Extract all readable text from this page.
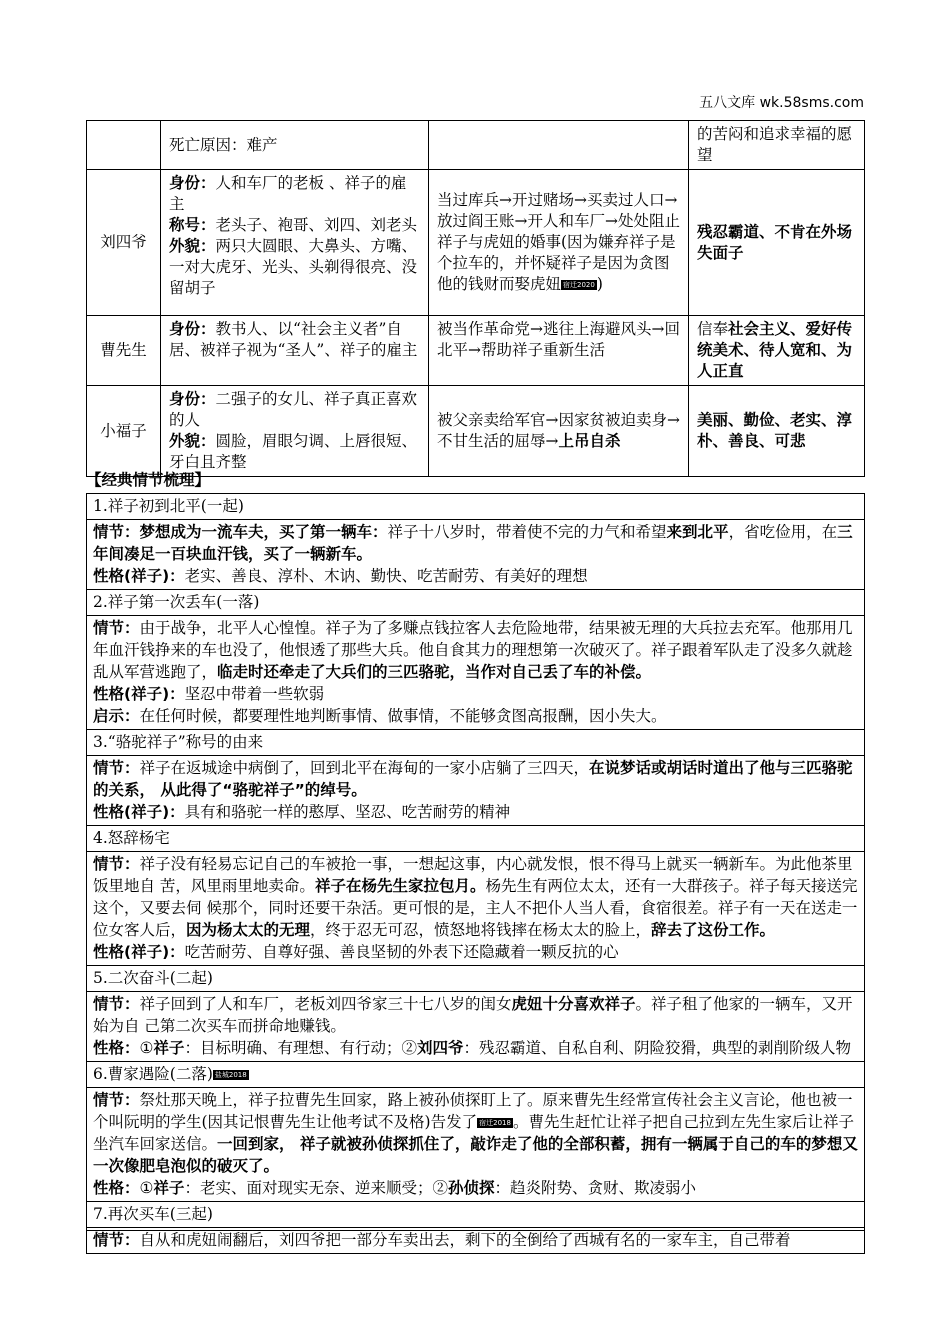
五八文库 wk.58sms.com
	死亡原因：难产		的苦闷和追求幸福的愿望
刘四爷	身份：人和车厂的老板 、祥子的雇主

称号：老头子、袍哥、刘四、刘老头

外貌：两只大圆眼、大鼻头、方嘴、一对大虎牙、光头、头剃得很亮、没留胡子	当过库兵→开过赌场→买卖过人口→放过阎王账→开人和车厂→处处阻止祥子与虎妞的婚事(因为嫌弃祥子是个拉车的，并怀疑祥子是因为贪图他的钱财而娶虎妞 宿迁2020 )	残忍霸道、不肯在外场失面子
曹先生	身份：教书人、以“社会主义者”自居、被祥子视为“圣人”、祥子的雇主	被当作革命党→逃往上海避风头→回北平→帮助祥子重新生活	信奉社会主义、爱好传统美术、待人宽和、为人正直
小福子	身份：二强子的女儿、祥子真正喜欢的人

外貌：圆脸，眉眼匀调、上唇很短、牙白且齐整	被父亲卖给军官→因家贫被迫卖身→不甘生活的屈辱→上吊自杀	美丽、勤俭、老实、淳朴、善良、可悲
【经典情节梳理】
1.祥子初到北平(一起)
情节：梦想成为一流车夫，买了第一辆车：祥子十八岁时，带着使不完的力气和希望来到北平，省吃俭用，在三年间凑足一百块血汗钱，买了一辆新车。
性格(祥子)：老实、善良、淳朴、木讷、勤快、吃苦耐劳、有美好的理想
2.祥子第一次丢车(一落)
情节：由于战争，北平人心惶惶。祥子为了多赚点钱拉客人去危险地带，结果被无理的大兵拉去充军。他那用几年血汗钱挣来的车也没了，他恨透了那些大兵。他自食其力的理想第一次破灭了。祥子跟着军队走了没多久就趁乱从军营逃跑了，临走时还牵走了大兵们的三匹骆驼，当作对自己丢了车的补偿。
性格(祥子)：坚忍中带着一些软弱
启示：在任何时候，都要理性地判断事情、做事情，不能够贪图高报酬，因小失大。
3.“骆驼祥子”称号的由来
情节：祥子在返城途中病倒了，回到北平在海甸的一家小店躺了三四天，在说梦话或胡话时道出了他与三匹骆驼的关系， 从此得了“骆驼祥子”的绰号。
性格(祥子)：具有和骆驼一样的憨厚、坚忍、吃苦耐劳的精神
4.怒辞杨宅
情节：祥子没有轻易忘记自己的车被抢一事，一想起这事，内心就发恨，恨不得马上就买一辆新车。为此他茶里饭里地自 苦，风里雨里地卖命。祥子在杨先生家拉包月。杨先生有两位太太，还有一大群孩子。祥子每天接送完这个，又要去伺 候那个，同时还要干杂活。更可恨的是，主人不把仆人当人看，食宿很差。祥子有一天在送走一位女客人后，因为杨太太的无理，终于忍无可忍，愤怒地将钱摔在杨太太的脸上，辞去了这份工作。
性格(祥子)：吃苦耐劳、自尊好强、善良坚韧的外表下还隐藏着一颗反抗的心
5.二次奋斗(二起)
情节：祥子回到了人和车厂，老板刘四爷家三十七八岁的闺女虎妞十分喜欢祥子。祥子租了他家的一辆车，又开始为自 己第二次买车而拼命地赚钱。
性格：①祥子：目标明确、有理想、有行动；②刘四爷：残忍霸道、自私自利、阴险狡猾，典型的剥削阶级人物
6.曹家遇险(二落) 盐城2018
情节：祭灶那天晚上，祥子拉曹先生回家，路上被孙侦探盯上了。原来曹先生经常宣传社会主义言论，他也被一个叫阮明的学生(因其记恨曹先生让他考试不及格)告发了 宿迁2018 。曹先生赶忙让祥子把自己拉到左先生家后让祥子坐汽车回家送信。一回到家， 祥子就被孙侦探抓住了，敲诈走了他的全部积蓄，拥有一辆属于自己的车的梦想又一次像肥皂泡似的破灭了。
性格：①祥子：老实、面对现实无奈、逆来顺受；②孙侦探：趋炎附势、贪财、欺凌弱小
7.再次买车(三起)
情节：自从和虎妞闹翻后，刘四爷把一部分车卖出去，剩下的全倒给了西城有名的一家车主，自己带着
